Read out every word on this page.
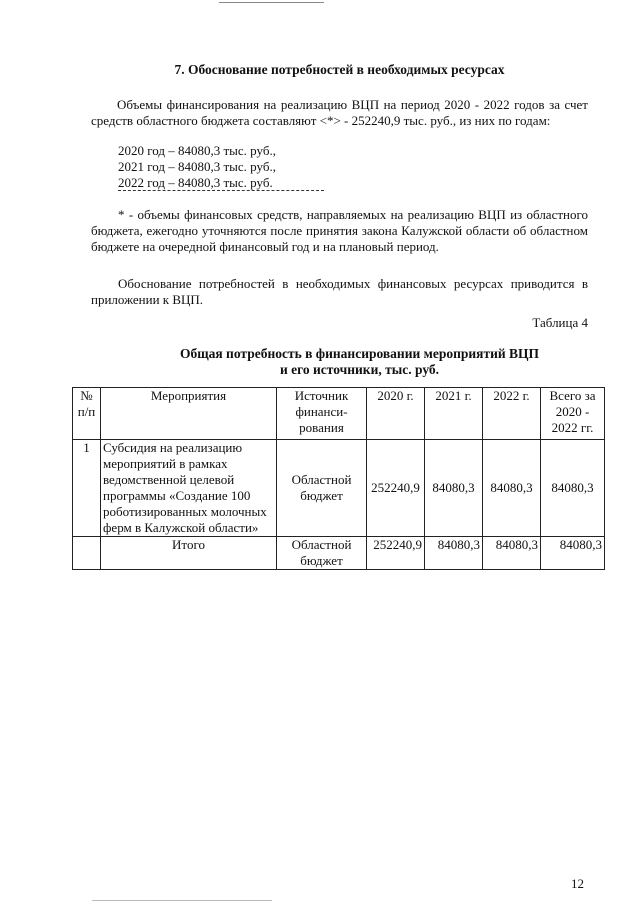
7. Обоснование потребностей в необходимых ресурсах
Объемы финансирования на реализацию ВЦП на период 2020 - 2022 годов за счет средств областного бюджета составляют <*> - 252240,9 тыс. руб., из них по годам:
2020 год – 84080,3 тыс. руб.,
2021 год – 84080,3 тыс. руб.,
2022 год – 84080,3 тыс. руб.
* - объемы финансовых средств, направляемых на реализацию ВЦП из областного бюджета, ежегодно уточняются после принятия закона Калужской области об областном бюджете на очередной финансовый год и на плановый период.
Обоснование потребностей в необходимых финансовых ресурсах приводится в приложении к ВЦП.
Таблица 4
Общая потребность в финансировании мероприятий ВЦП
и его источники, тыс. руб.
№ п/п	Мероприятия	Источник финанси-рования	2020 г.	2021 г.	2022 г.	Всего за 2020 - 2022 гг.
1	Субсидия на реализацию мероприятий в рамках ведомственной целевой программы «Создание 100 роботизированных молочных ферм в Калужской области»	Областной бюджет	252240,9	84080,3	84080,3	84080,3
	Итого	Областной бюджет	252240,9	84080,3	84080,3	84080,3
12
